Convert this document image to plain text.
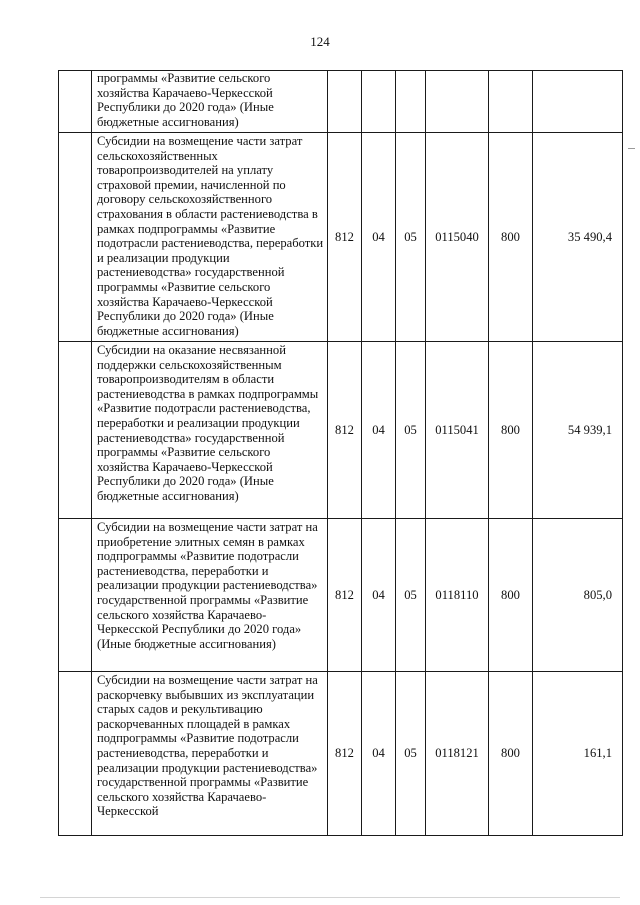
124
	программы «Развитие сельского хозяйства Карачаево-Черкесской Республики до 2020 года» (Иные бюджетные ассигнования)						
	Субсидии на возмещение части затрат сельскохозяйственных товаропроизводителей на уплату страховой премии, начисленной по договору сельскохозяйственного страхования в области растениеводства в рамках подпрограммы «Развитие подотрасли растениеводства, переработки и реализации продукции растениеводства» государственной программы «Развитие сельского хозяйства Карачаево-Черкесской Республики до 2020 года» (Иные бюджетные ассигнования)	812	04	05	0115040	800	35 490,4
	Субсидии на оказание несвязанной поддержки сельскохозяйственным товаропроизводителям в области растениеводства в рамках подпрограммы «Развитие подотрасли растениеводства, переработки и реализации продукции растениеводства» государственной программы «Развитие сельского хозяйства Карачаево-Черкесской Республики до 2020 года» (Иные бюджетные ассигнования)	812	04	05	0115041	800	54 939,1
	Субсидии на возмещение части затрат на приобретение элитных семян в рамках подпрограммы «Развитие подотрасли растениеводства, переработки и реализации продукции растениеводства» государственной программы «Развитие сельского хозяйства Карачаево-Черкесской Республики до 2020 года» (Иные бюджетные ассигнования)	812	04	05	0118110	800	805,0
	Субсидии на возмещение части затрат на раскорчевку выбывших из эксплуатации старых садов и рекультивацию раскорчеванных площадей в рамках подпрограммы «Развитие подотрасли растениеводства, переработки и реализации продукции растениеводства» государственной программы «Развитие сельского хозяйства Карачаево-Черкесской	812	04	05	0118121	800	161,1
